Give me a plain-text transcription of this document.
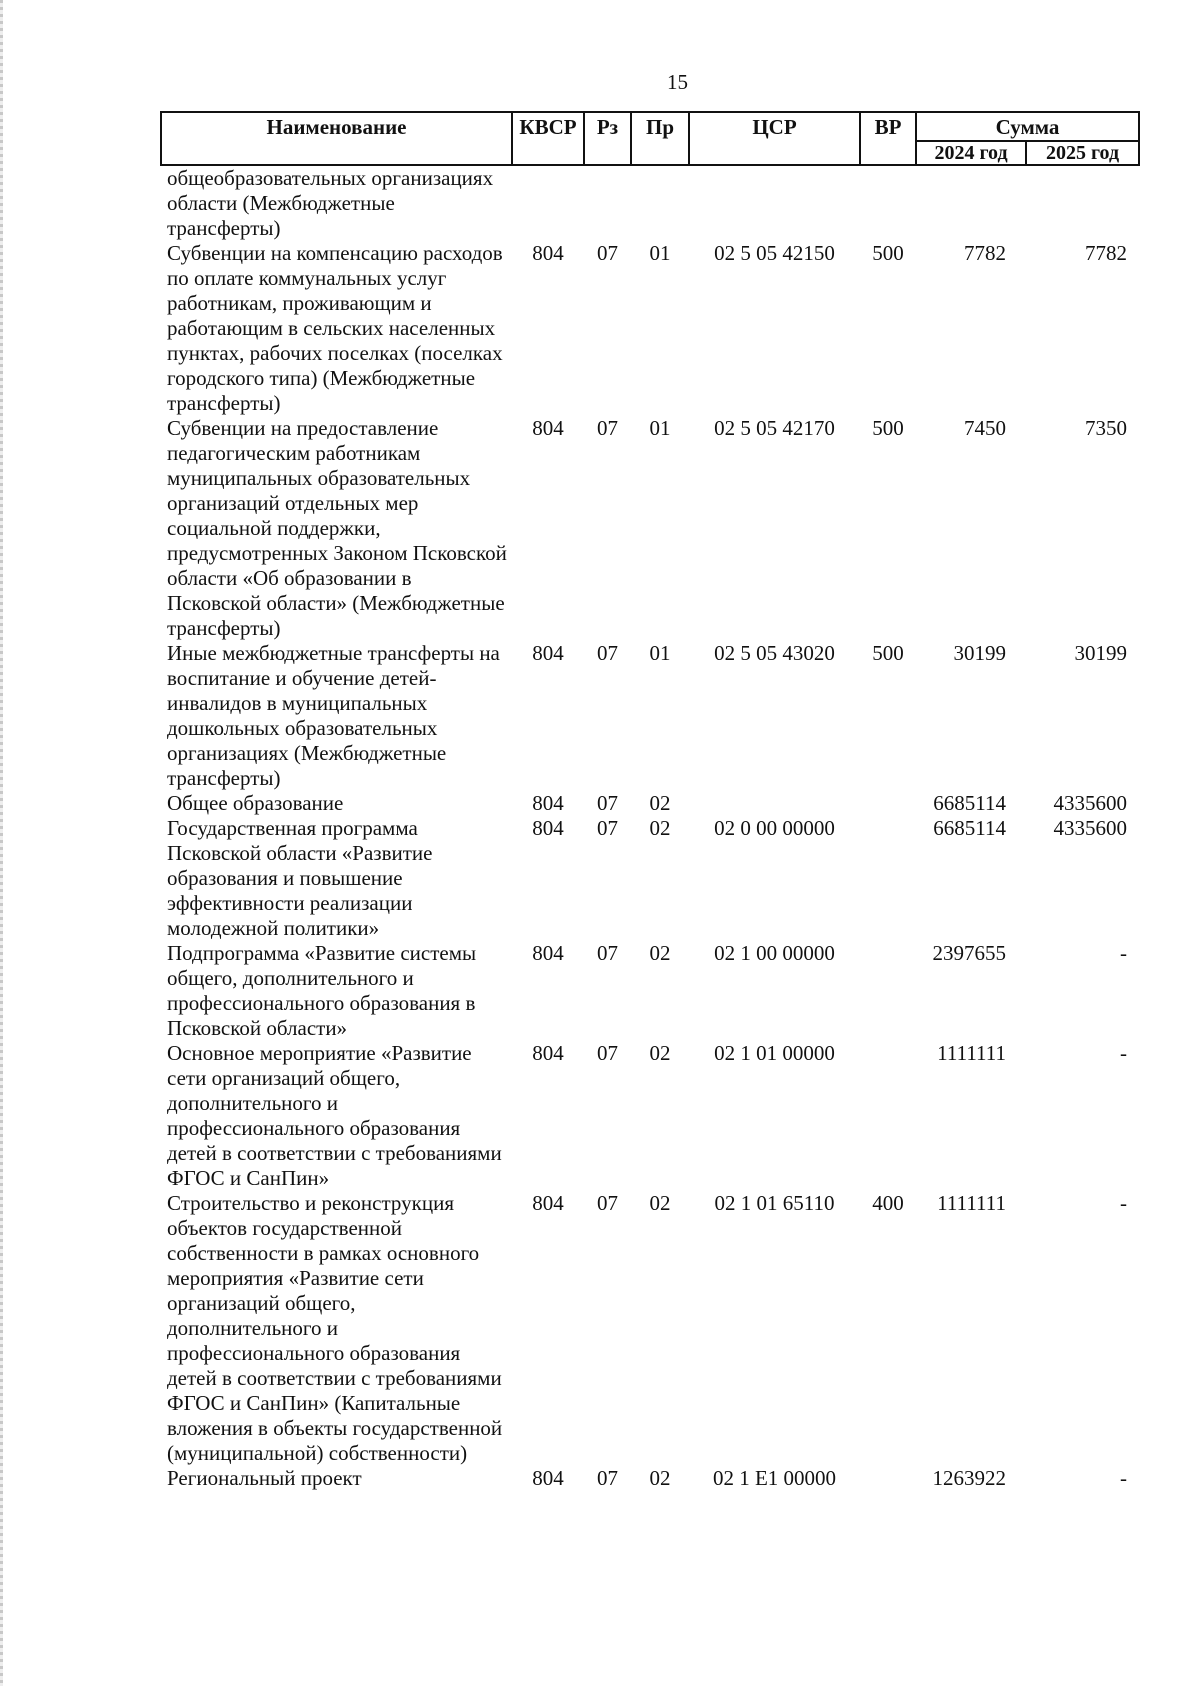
15
Наименование	КВСР	Рз	Пр	ЦСР	ВР	Сумма	
						2024 год	2025 год
общеобразовательных организациях области (Межбюджетные трансферты)							
Субвенции на компенсацию расходов по оплате коммунальных услуг работникам, проживающим и работающим в сельских населенных пунктах, рабочих поселках (поселках городского типа) (Межбюджетные трансферты)	804	07	01	02 5 05 42150	500	7782	7782
Субвенции на предоставление педагогическим работникам муниципальных образовательных организаций отдельных мер социальной поддержки, предусмотренных Законом Псковской области «Об образовании в Псковской области» (Межбюджетные трансферты)	804	07	01	02 5 05 42170	500	7450	7350
Иные межбюджетные трансферты на воспитание и обучение детей-инвалидов в муниципальных дошкольных образовательных организациях (Межбюджетные трансферты)	804	07	01	02 5 05 43020	500	30199	30199
Общее образование	804	07	02			6685114	4335600
Государственная программа Псковской области «Развитие образования и повышение эффективности реализации молодежной политики»	804	07	02	02 0 00 00000		6685114	4335600
Подпрограмма «Развитие системы общего, дополнительного и профессионального образования в Псковской области»	804	07	02	02 1 00 00000		2397655	-
Основное мероприятие «Развитие сети организаций общего, дополнительного и профессионального образования детей в соответствии с требованиями ФГОС и СанПин»	804	07	02	02 1 01 00000		1111111	-
Строительство и реконструкция объектов государственной собственности в рамках основного мероприятия «Развитие сети организаций общего, дополнительного и профессионального образования детей в соответствии с требованиями ФГОС и СанПин» (Капитальные вложения в объекты государственной (муниципальной) собственности)	804	07	02	02 1 01 65110	400	1111111	-
Региональный проект	804	07	02	02 1 E1 00000		1263922	-
